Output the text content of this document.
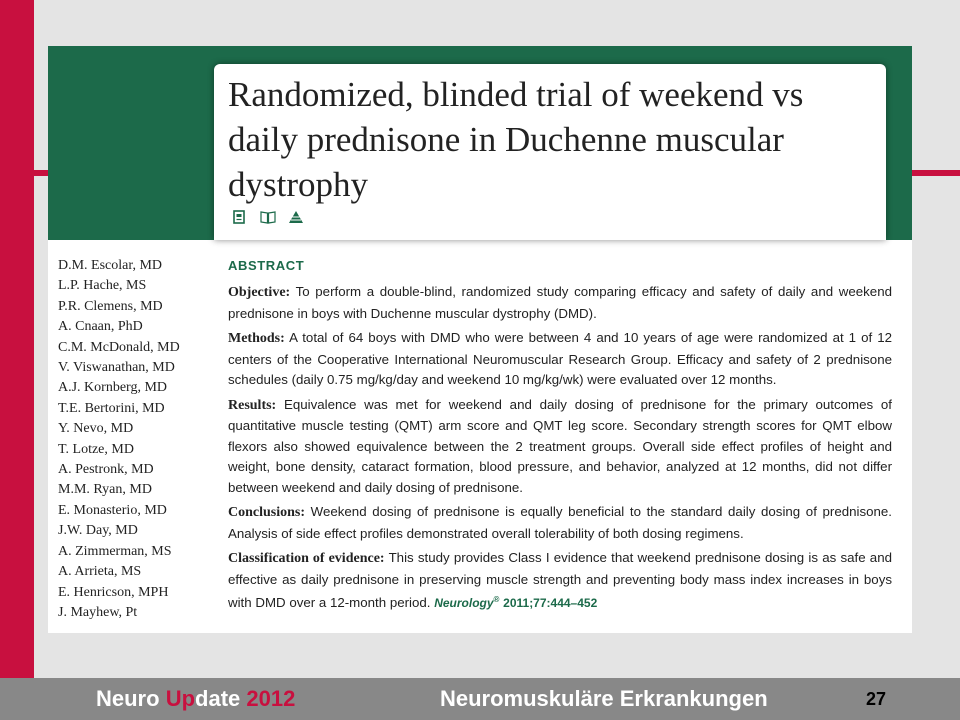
Randomized, blinded trial of weekend vs daily prednisone in Duchenne muscular dystrophy
D.M. Escolar, MD
L.P. Hache, MS
P.R. Clemens, MD
A. Cnaan, PhD
C.M. McDonald, MD
V. Viswanathan, MD
A.J. Kornberg, MD
T.E. Bertorini, MD
Y. Nevo, MD
T. Lotze, MD
A. Pestronk, MD
M.M. Ryan, MD
E. Monasterio, MD
J.W. Day, MD
A. Zimmerman, MS
A. Arrieta, MS
E. Henricson, MPH
J. Mayhew, Pt
ABSTRACT

Objective: To perform a double-blind, randomized study comparing efficacy and safety of daily and weekend prednisone in boys with Duchenne muscular dystrophy (DMD).

Methods: A total of 64 boys with DMD who were between 4 and 10 years of age were randomized at 1 of 12 centers of the Cooperative International Neuromuscular Research Group. Efficacy and safety of 2 prednisone schedules (daily 0.75 mg/kg/day and weekend 10 mg/kg/wk) were evaluated over 12 months.

Results: Equivalence was met for weekend and daily dosing of prednisone for the primary outcomes of quantitative muscle testing (QMT) arm score and QMT leg score. Secondary strength scores for QMT elbow flexors also showed equivalence between the 2 treatment groups. Overall side effect profiles of height and weight, bone density, cataract formation, blood pressure, and behavior, analyzed at 12 months, did not differ between weekend and daily dosing of prednisone.

Conclusions: Weekend dosing of prednisone is equally beneficial to the standard daily dosing of prednisone. Analysis of side effect profiles demonstrated overall tolerability of both dosing regimens.

Classification of evidence: This study provides Class I evidence that weekend prednisone dosing is as safe and effective as daily prednisone in preserving muscle strength and preventing body mass index increases in boys with DMD over a 12-month period. Neurology® 2011;77:444–452

Neuro Update 2012	Neuromuskuläre Erkrankungen	27
